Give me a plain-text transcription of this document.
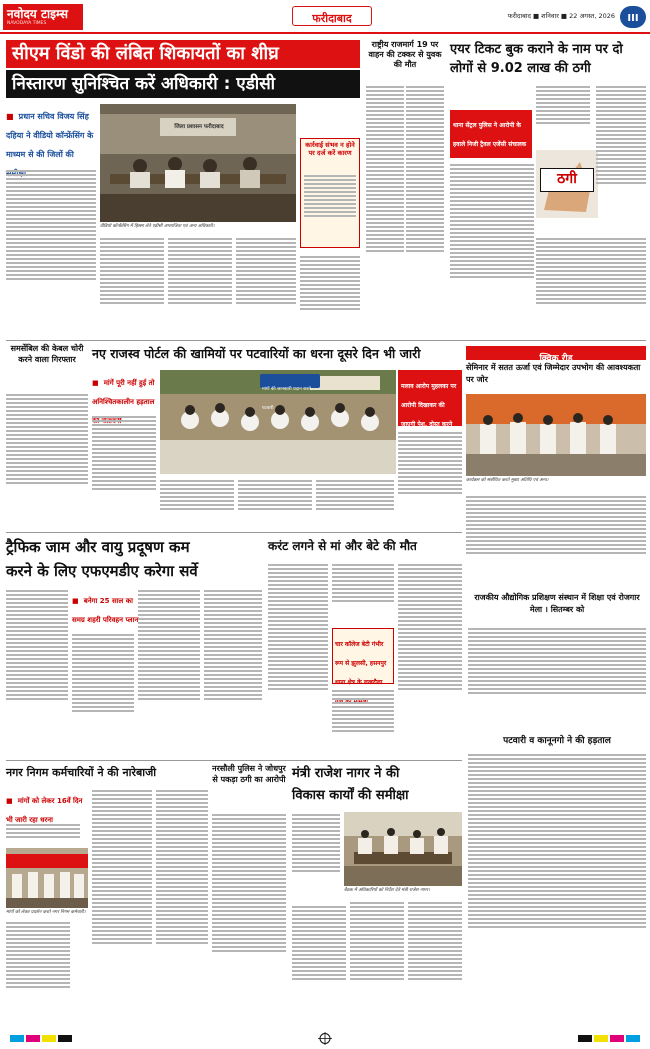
नवोदय टाइम्स
NAVODAYA TIMES	फरीदाबाद	फरीदाबाद ■ शनिवार ■ 22 अगस्त, 2026	III
सीएम विंडो की लंबित शिकायतों का शीघ्र
निस्तारण सुनिश्चित करें अधिकारी : एडीसी
■ प्रधान सचिव विजय सिंह दहिया ने वीडियो कॉन्फ्रेंसिंग के माध्यम से की जिलों की
जिला प्रशासन फरीदाबाद
वीडियो कॉन्फ्रेंसिंग में हिस्सा लेते एडीसी अपराजिता एवं अन्य अधिकारी।
कार्रवाई संभव न होने पर दर्ज करें कारण
राष्ट्रीय राजमार्ग 19 पर वाहन की टक्कर से युवक की मौत
एयर टिकट बुक कराने के नाम पर दो लोगों से 9.02 लाख की ठगी
थाना सेंट्रल पुलिस ने आरोपी के हवाले निजी ट्रैवल एजेंसी संचालक
ठगी
समर्सेबिल की केबल चोरी करने वाला गिरफ्तार	नए राजस्व पोर्टल की खामियों पर पटवारियों का धरना दूसरे दिन भी जारी
■ मांगें पूरी नहीं हुई तो अनिश्चितकालीन हड़ताल
मांगों की जानकारी प्रदान करते पटवारी
मलाव आरोप मुहलका पर आरोपी दिखाकर की जाएगी पेश, दोस्त करने
क्विक रीड
सेमिनार में सतत ऊर्जा एवं जिम्मेदार उपभोग की आवश्यकता पर जोर
कार्यक्रम को संबोधित करते मुख्य अतिथि एवं अन्य।
ट्रैफिक जाम और वायु प्रदूषण कम
करने के लिए एफएमडीए करेगा सर्वे
■ बनेगा 25 साल का समग्र शहरी परिवहन प्लान
करंट लगने से मां और बेटे की मौत
चार कॉलेज बेटी गंभीर रूप से झुलसी, हसनपुर थाना क्षेत्र के लखरौला
राजकीय औद्योगिक प्रशिक्षण संस्थान में शिक्षा एवं रोजगार मेला । सितम्बर को
पटवारी व कानूनगो ने की हड़ताल
नगर निगम कर्मचारियों ने की नारेबाजी
■ मांगों को लेकर 16वें दिन भी जारी रहा धरना
मांगों को लेकर प्रदर्शन करते नगर निगम कर्मचारी।
नरसौली पुलिस ने जोधपुर से पकड़ा ठगी का आरोपी मंत्री राजेश नागर ने की
विकास कार्यों की समीक्षा
बैठक में अधिकारियों को निर्देश देते मंत्री राजेश नागर।
